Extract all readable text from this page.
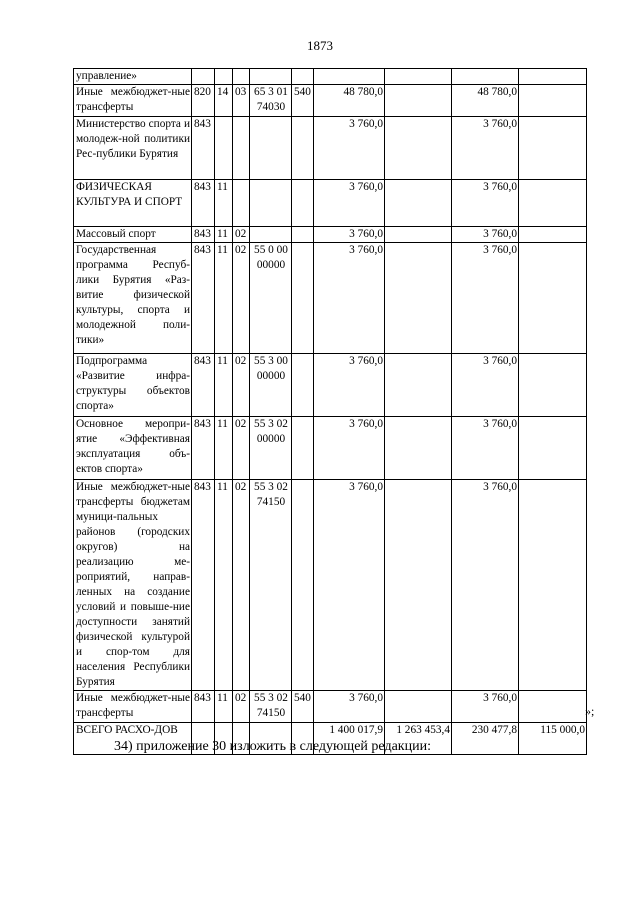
1873
управление»									
Иные межбюджет-ные трансферты	820	14	03	65 3 01 74030	540	48 780,0		48 780,0	
Министерство спорта и молодеж-ной политики Рес-публики Бурятия	843					3 760,0		3 760,0	
ФИЗИЧЕСКАЯ КУЛЬТУРА И СПОРТ	843	11				3 760,0		3 760,0	
Массовый спорт	843	11	02			3 760,0		3 760,0	
Государственная программа Респуб-лики Бурятия «Раз-витие физической культуры, спорта и молодежной поли-тики»	843	11	02	55 0 00 00000		3 760,0		3 760,0	
Подпрограмма «Развитие инфра-структуры объектов спорта»	843	11	02	55 3 00 00000		3 760,0		3 760,0	
Основное меропри-ятие «Эффективная эксплуатация объ-ектов спорта»	843	11	02	55 3 02 00000		3 760,0		3 760,0	
Иные межбюджет-ные трансферты бюджетам муници-пальных районов (городских округов) на реализацию ме-роприятий, направ-ленных на создание условий и повыше-ние доступности занятий физической культурой и спор-том для населения Республики Бурятия	843	11	02	55 3 02 74150		3 760,0		3 760,0	
Иные межбюджет-ные трансферты	843	11	02	55 3 02 74150	540	3 760,0		3 760,0	
ВСЕГО РАСХО-ДОВ						1 400 017,9	1 263 453,4	230 477,8	115 000,0
»;
34) приложение 30 изложить в следующей редакции:
